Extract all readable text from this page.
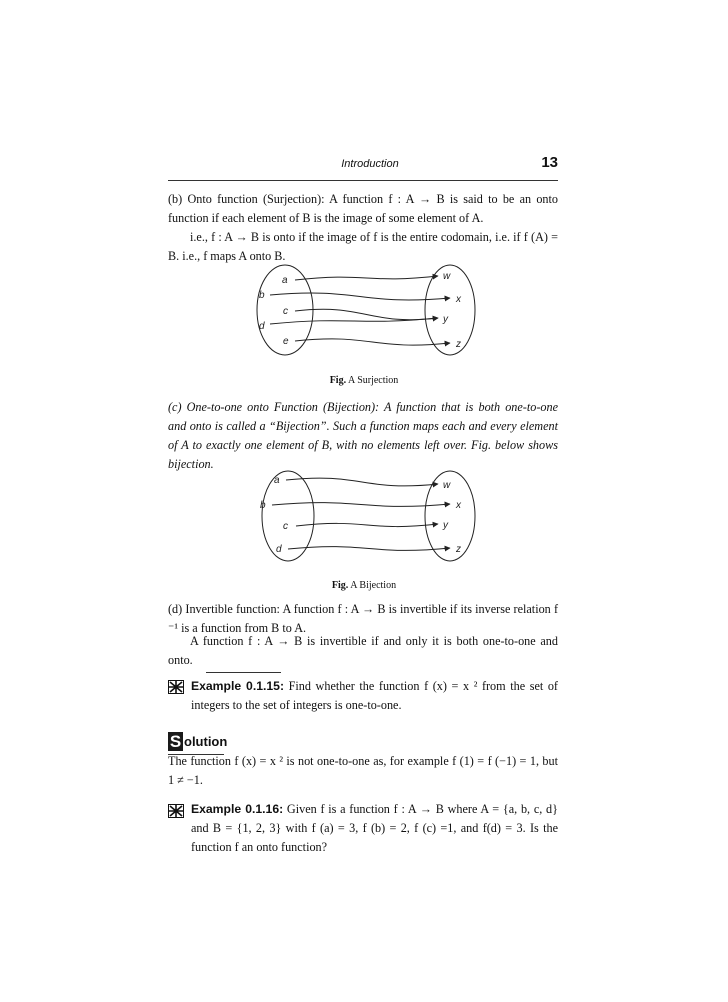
Introduction	13
(b) Onto function (Surjection): A function f : A → B is said to be an onto function if each element of B is the image of some element of A.
i.e., f : A → B is onto if the image of f is the entire codomain, i.e. if f (A) = B. i.e., f maps A onto B.
a
b
c
d
e
w
x
y
z
Fig. A Surjection
(c) One-to-one onto Function (Bijection): A function that is both one-to-one and onto is called a “Bijection”. Such a function maps each and every element of A to exactly one element of B, with no elements left over. Fig. below shows bijection.
a
b
c
d
w
x
y
z
Fig. A Bijection
(d) Invertible function: A function f : A → B is invertible if its inverse relation f ⁻¹ is a function from B to A.
A function f : A → B is invertible if and only it is both one-to-one and onto.
Example 0.1.15: Find whether the function f (x) = x ² from the set of integers to the set of integers is one-to-one.
S olution
The function f (x) = x ² is not one-to-one as, for example f (1) = f (−1) = 1, but 1 ≠ −1.
Example 0.1.16: Given f is a function f : A → B where A = {a, b, c, d} and B = {1, 2, 3} with f (a) = 3, f (b) = 2, f (c) =1, and f(d) = 3. Is the function f an onto function?
